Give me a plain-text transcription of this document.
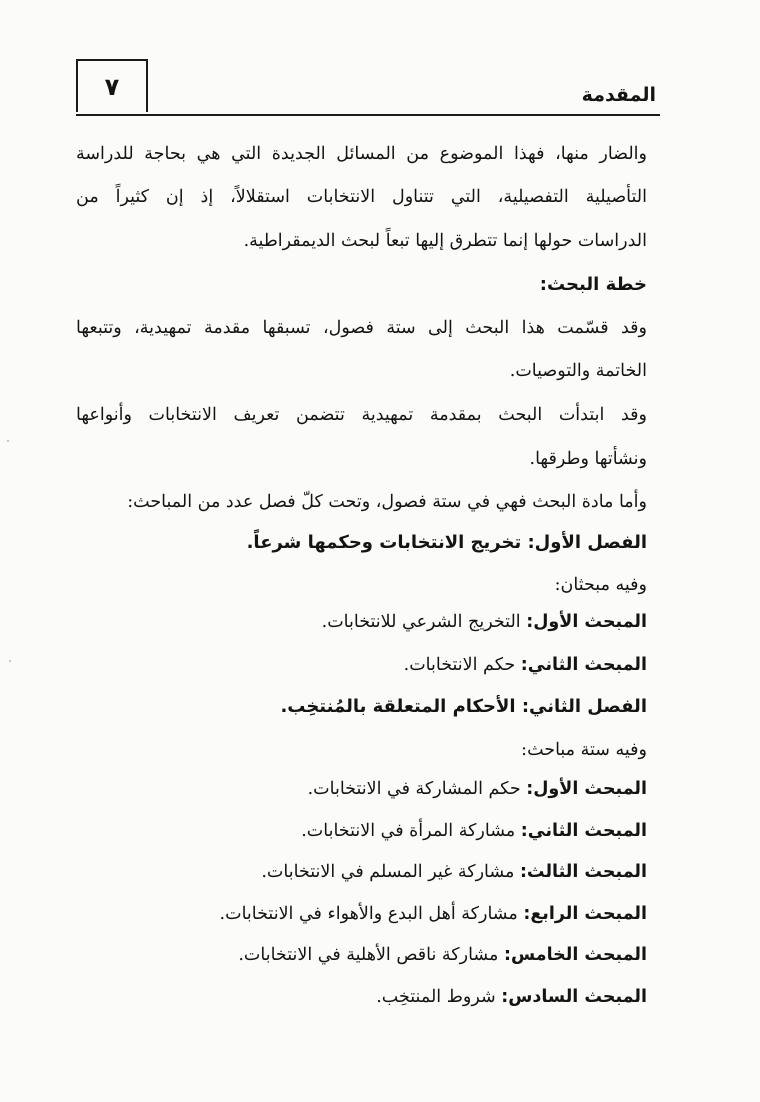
٧	المقدمة
والضار منها، فهذا الموضوع من المسائل الجديدة التي هي بحاجة للدراسة
التأصيلية التفصيلية، التي تتناول الانتخابات استقلالاً، إذ إن كثيراً من
الدراسات حولها إنما تتطرق إليها تبعاً لبحث الديمقراطية.
خطة البحث:
وقد قسّمت هذا البحث إلى ستة فصول، تسبقها مقدمة تمهيدية، وتتبعها
الخاتمة والتوصيات.
وقد ابتدأت البحث بمقدمة تمهيدية تتضمن تعريف الانتخابات وأنواعها
ونشأتها وطرقها.
وأما مادة البحث فهي في ستة فصول، وتحت كلّ فصل عدد من المباحث:
الفصل الأول: تخريج الانتخابات وحكمها شرعاً.
وفيه مبحثان:
المبحث الأول: التخريج الشرعي للانتخابات.
المبحث الثاني: حكم الانتخابات.
الفصل الثاني: الأحكام المتعلقة بالمُنتخِب.
وفيه ستة مباحث:
المبحث الأول: حكم المشاركة في الانتخابات.
المبحث الثاني: مشاركة المرأة في الانتخابات.
المبحث الثالث: مشاركة غير المسلم في الانتخابات.
المبحث الرابع: مشاركة أهل البدع والأهواء في الانتخابات.
المبحث الخامس: مشاركة ناقص الأهلية في الانتخابات.
المبحث السادس: شروط المنتخِب.
